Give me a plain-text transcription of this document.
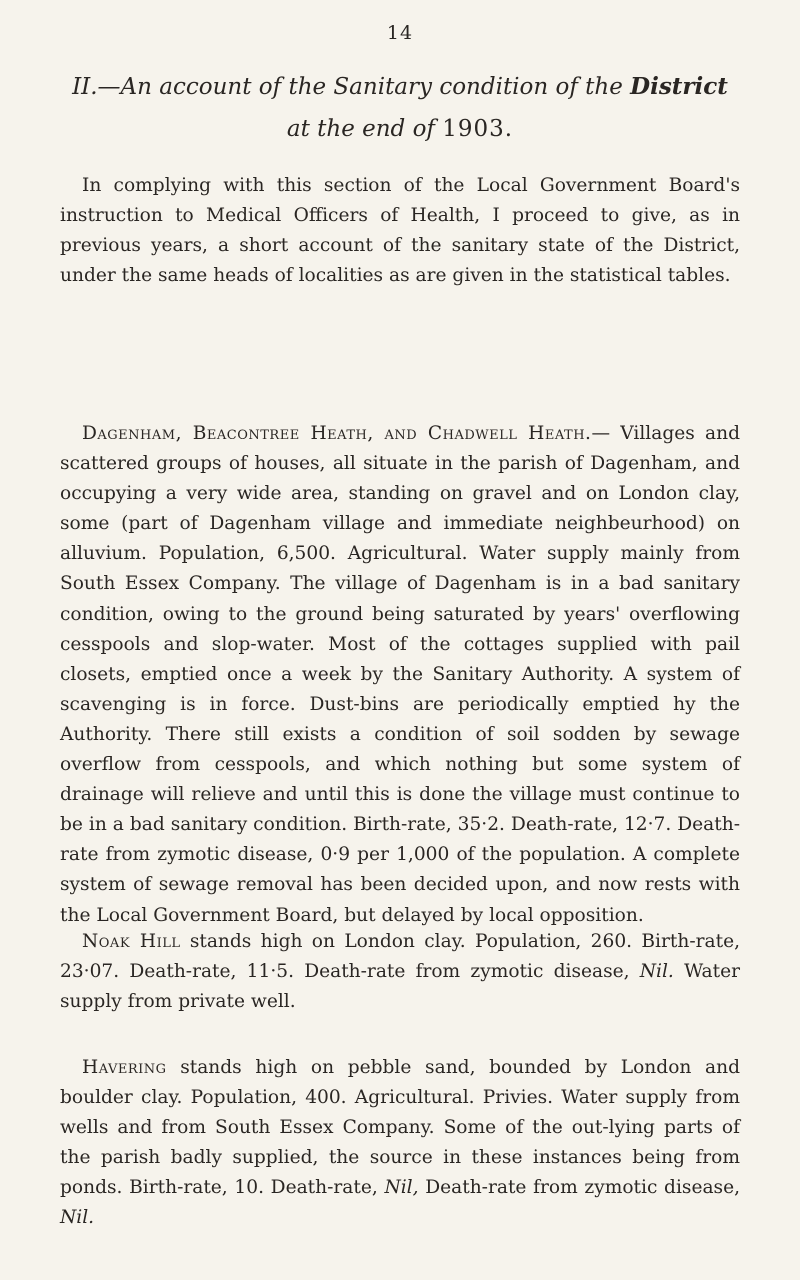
14
II.—An account of the Sanitary condition of the District
at the end of 1903.

In complying with this section of the Local Government Board's instruction to Medical Officers of Health, I proceed to give, as in previous years, a short account of the sanitary state of the District, under the same heads of localities as are given in the statistical tables.

Dagenham, Beacontree Heath, and Chadwell Heath.— Villages and scattered groups of houses, all situate in the parish of Dagenham, and occupying a very wide area, standing on gravel and on London clay, some (part of Dagenham village and immediate neighbeurhood) on alluvium. Population, 6,500. Agricultural. Water supply mainly from South Essex Company. The village of Dagenham is in a bad sanitary condition, owing to the ground being saturated by years' overflowing cesspools and slop-water. Most of the cottages supplied with pail closets, emptied once a week by the Sanitary Authority. A system of scavenging is in force. Dust-bins are periodically emptied hy the Authority. There still exists a condition of soil sodden by sewage overflow from cesspools, and which nothing but some system of drainage will relieve and until this is done the village must continue to be in a bad sanitary condition. Birth-rate, 35·2. Death-rate, 12·7. Death-rate from zymotic disease, 0·9 per 1,000 of the population. A complete system of sewage removal has been decided upon, and now rests with the Local Government Board, but delayed by local opposition.

Noak Hill stands high on London clay. Population, 260. Birth-rate, 23·07. Death-rate, 11·5. Death-rate from zymotic disease, Nil. Water supply from private well.

Havering stands high on pebble sand, bounded by London and boulder clay. Population, 400. Agricultural. Privies. Water supply from wells and from South Essex Company. Some of the out-lying parts of the parish badly supplied, the source in these instances being from ponds. Birth-rate, 10. Death-rate, Nil, Death-rate from zymotic disease, Nil.
